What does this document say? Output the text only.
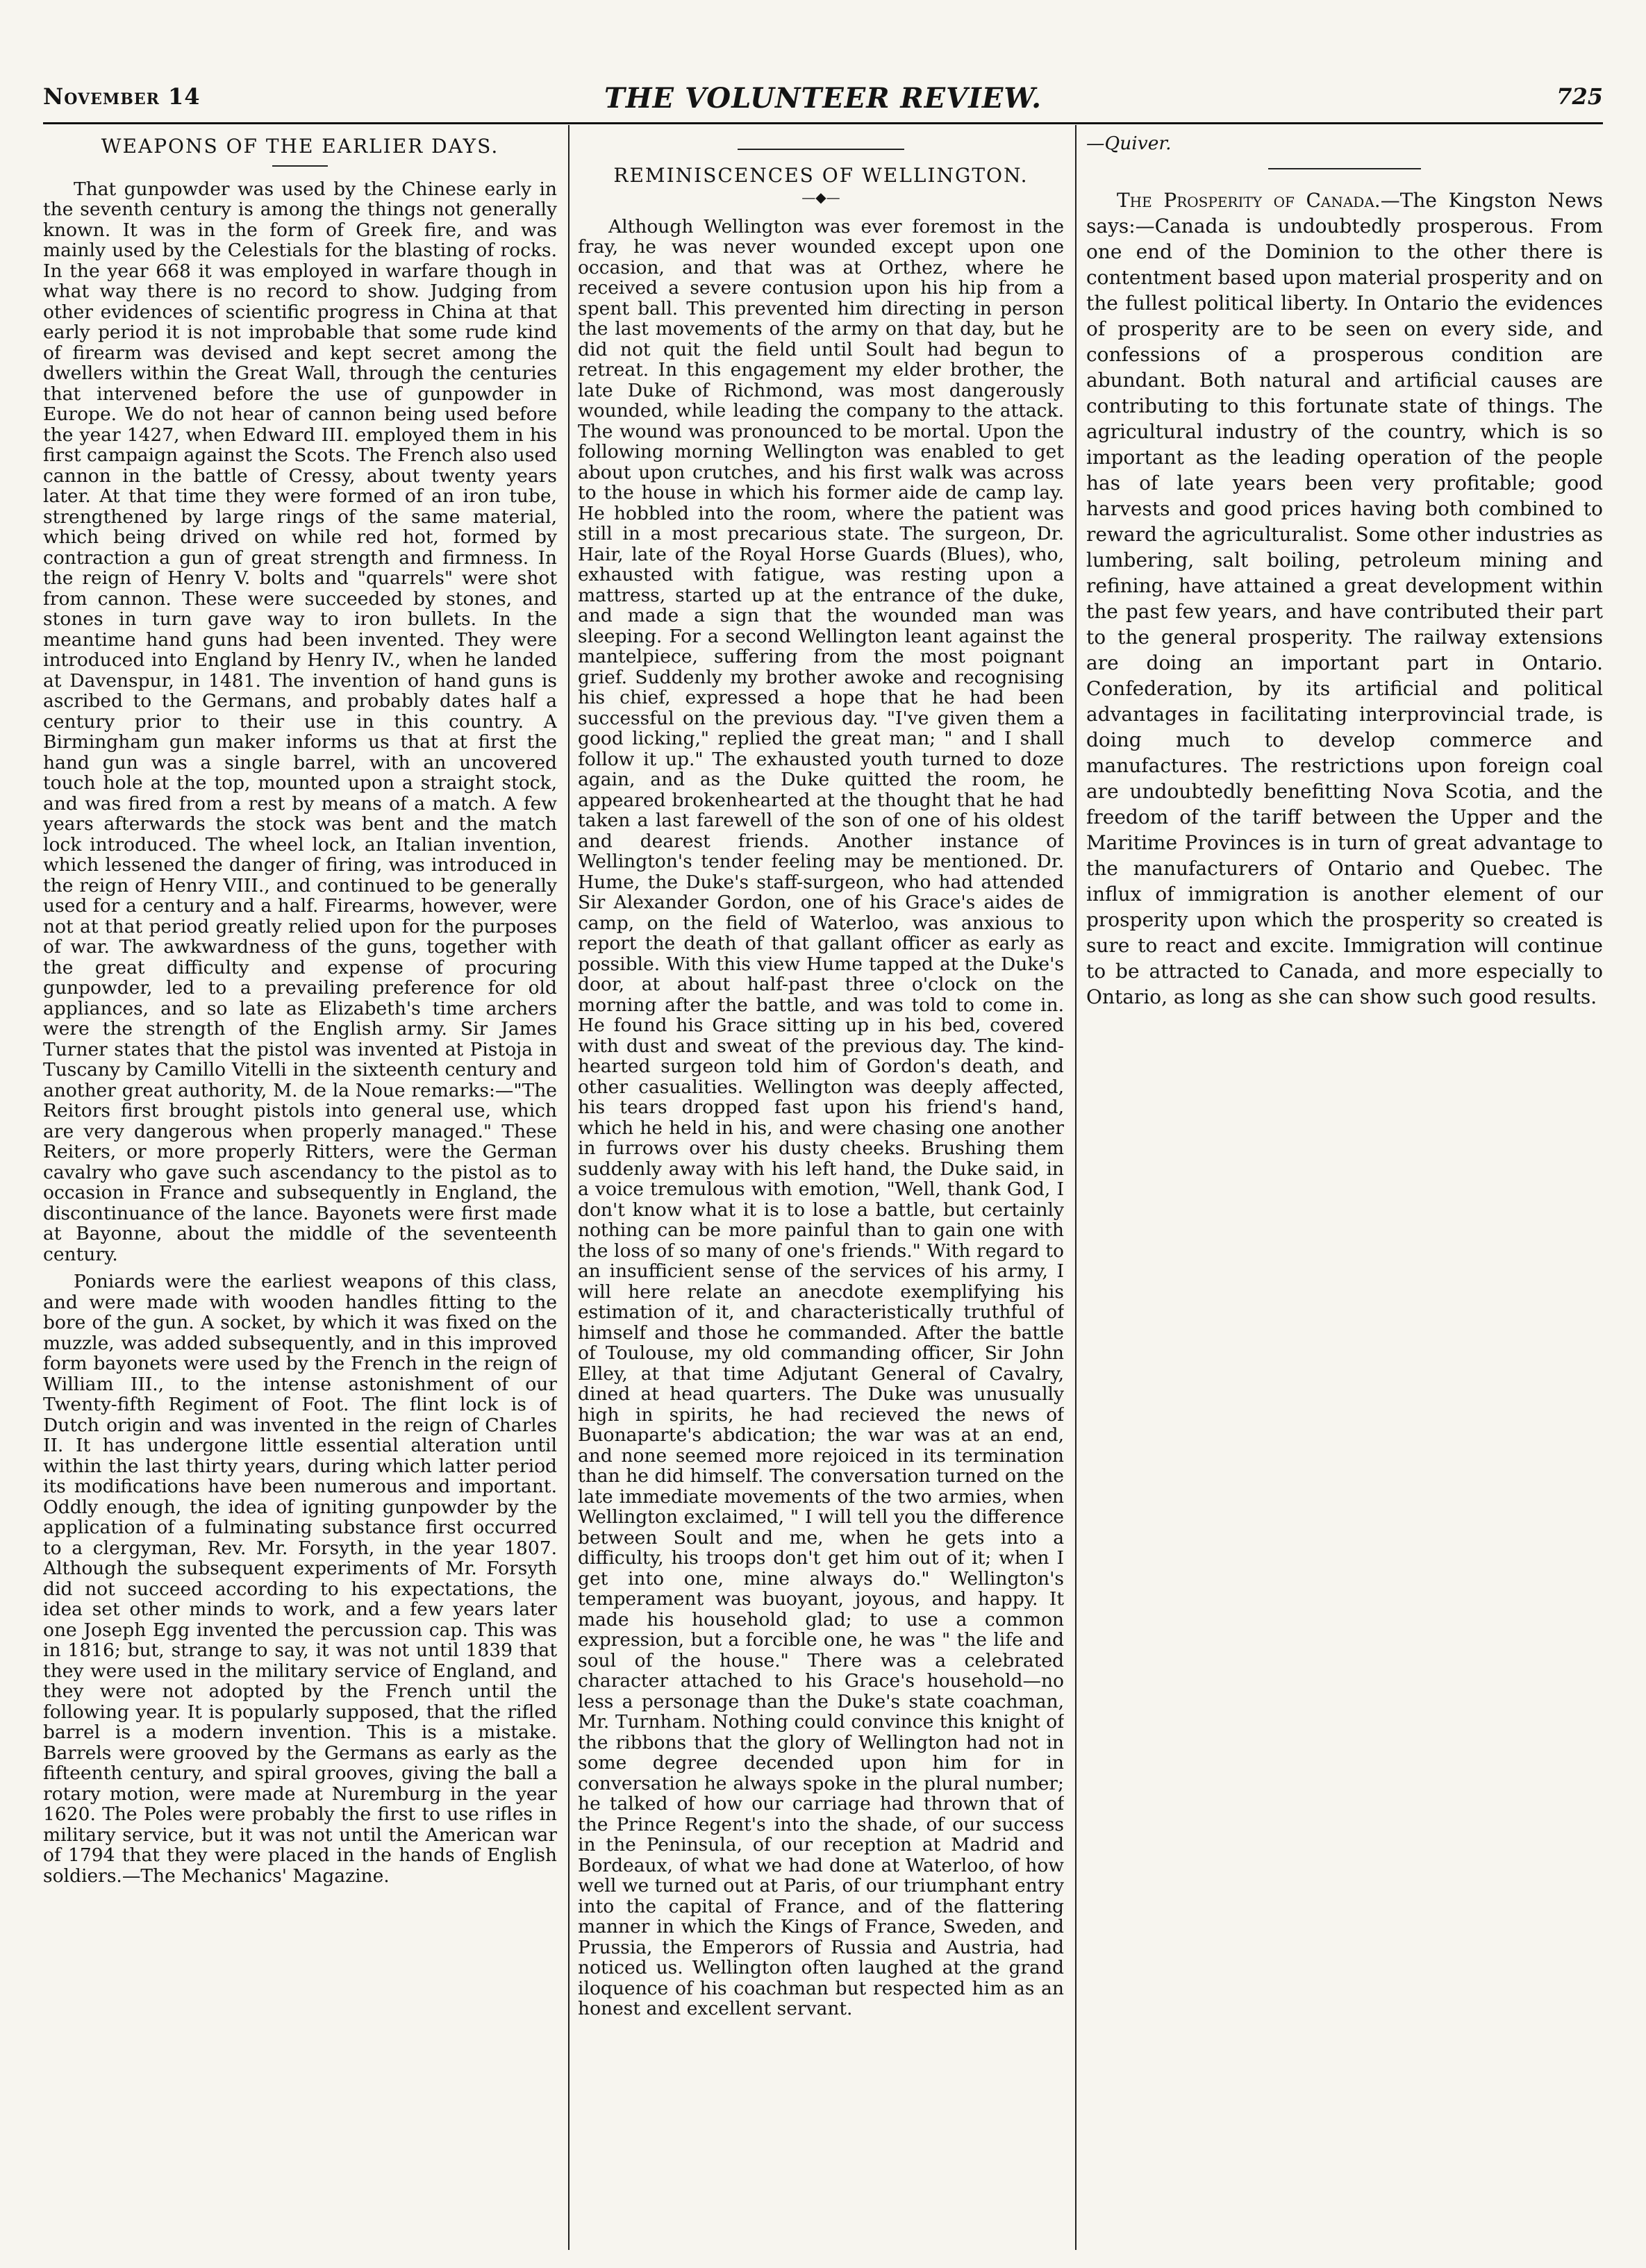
November 14	THE VOLUNTEER REVIEW.	725
WEAPONS OF THE EARLIER DAYS.

That gunpowder was used by the Chinese early in the seventh century is among the things not generally known. It was in the form of Greek fire, and was mainly used by the Celestials for the blasting of rocks. In the year 668 it was employed in warfare though in what way there is no record to show. Judging from other evidences of scientific progress in China at that early period it is not improbable that some rude kind of firearm was devised and kept secret among the dwellers within the Great Wall, through the centuries that intervened before the use of gunpowder in Europe. We do not hear of cannon being used before the year 1427, when Edward III. employed them in his first campaign against the Scots. The French also used cannon in the battle of Cressy, about twenty years later. At that time they were formed of an iron tube, strengthened by large rings of the same material, which being drived on while red hot, formed by contraction a gun of great strength and firmness. In the reign of Henry V. bolts and "quarrels" were shot from cannon. These were succeeded by stones, and stones in turn gave way to iron bullets. In the meantime hand guns had been invented. They were introduced into England by Henry IV., when he landed at Davenspur, in 1481. The invention of hand guns is ascribed to the Germans, and probably dates half a century prior to their use in this country. A Birmingham gun maker informs us that at first the hand gun was a single barrel, with an uncovered touch hole at the top, mounted upon a straight stock, and was fired from a rest by means of a match. A few years afterwards the stock was bent and the match lock introduced. The wheel lock, an Italian invention, which lessened the danger of firing, was introduced in the reign of Henry VIII., and continued to be generally used for a century and a half. Firearms, however, were not at that period greatly relied upon for the purposes of war. The awkwardness of the guns, together with the great difficulty and expense of procuring gunpowder, led to a prevailing preference for old appliances, and so late as Elizabeth's time archers were the strength of the English army. Sir James Turner states that the pistol was invented at Pistoja in Tuscany by Camillo Vitelli in the sixteenth century and another great authority, M. de la Noue remarks:—"The Reitors first brought pistols into general use, which are very dangerous when properly managed." These Reiters, or more properly Ritters, were the German cavalry who gave such ascendancy to the pistol as to occasion in France and subsequently in England, the discontinuance of the lance. Bayonets were first made at Bayonne, about the middle of the seventeenth century.

Poniards were the earliest weapons of this class, and were made with wooden handles fitting to the bore of the gun. A socket, by which it was fixed on the muzzle, was added subsequently, and in this improved form bayonets were used by the French in the reign of William III., to the intense astonishment of our Twenty-fifth Regiment of Foot. The flint lock is of Dutch origin and was invented in the reign of Charles II. It has undergone little essential alteration until within the last thirty years, during which latter period its modifications have been numerous and important. Oddly enough, the idea of igniting gunpowder by the application of a fulminating substance first occurred to a clergyman, Rev. Mr. Forsyth, in the year 1807. Although the subsequent experiments of Mr. Forsyth did not succeed according to his expectations, the idea set other minds to work, and a few years later one Joseph Egg invented the percussion cap. This was in 1816; but, strange to say, it was not until 1839 that they were used in the military service of England, and they were not adopted by the French until the following year. It is popularly supposed, that the rifled barrel is a modern invention. This is a mistake. Barrels were grooved by the Germans as early as the fifteenth century, and spiral grooves, giving the ball a rotary motion, were made at Nuremburg in the year 1620. The Poles were probably the first to use rifles in military service, but it was not until the American war of 1794 that they were placed in the hands of English soldiers.—The Mechanics' Magazine.

REMINISCENCES OF WELLINGTON.
—◆—

Although Wellington was ever foremost in the fray, he was never wounded except upon one occasion, and that was at Orthez, where he received a severe contusion upon his hip from a spent ball. This prevented him directing in person the last movements of the army on that day, but he did not quit the field until Soult had begun to retreat. In this engagement my elder brother, the late Duke of Richmond, was most dangerously wounded, while leading the company to the attack. The wound was pronounced to be mortal. Upon the following morning Wellington was enabled to get about upon crutches, and his first walk was across to the house in which his former aide de camp lay. He hobbled into the room, where the patient was still in a most precarious state. The surgeon, Dr. Hair, late of the Royal Horse Guards (Blues), who, exhausted with fatigue, was resting upon a mattress, started up at the entrance of the duke, and made a sign that the wounded man was sleeping. For a second Wellington leant against the mantelpiece, suffering from the most poignant grief. Suddenly my brother awoke and recognising his chief, expressed a hope that he had been successful on the previous day. "I've given them a good licking," replied the great man; " and I shall follow it up." The exhausted youth turned to doze again, and as the Duke quitted the room, he appeared brokenhearted at the thought that he had taken a last farewell of the son of one of his oldest and dearest friends. Another instance of Wellington's tender feeling may be mentioned. Dr. Hume, the Duke's staff-surgeon, who had attended Sir Alexander Gordon, one of his Grace's aides de camp, on the field of Waterloo, was anxious to report the death of that gallant officer as early as possible. With this view Hume tapped at the Duke's door, at about half-past three o'clock on the morning after the battle, and was told to come in. He found his Grace sitting up in his bed, covered with dust and sweat of the previous day. The kind-hearted surgeon told him of Gordon's death, and other casualities. Wellington was deeply affected, his tears dropped fast upon his friend's hand, which he held in his, and were chasing one another in furrows over his dusty cheeks. Brushing them suddenly away with his left hand, the Duke said, in a voice tremulous with emotion, "Well, thank God, I don't know what it is to lose a battle, but certainly nothing can be more painful than to gain one with the loss of so many of one's friends." With regard to an insufficient sense of the services of his army, I will here relate an anecdote exemplifying his estimation of it, and characteristically truthful of himself and those he commanded. After the battle of Toulouse, my old commanding officer, Sir John Elley, at that time Adjutant General of Cavalry, dined at head quarters. The Duke was unusually high in spirits, he had recieved the news of Buonaparte's abdication; the war was at an end, and none seemed more rejoiced in its termination than he did himself. The conversation turned on the late immediate movements of the two armies, when Wellington exclaimed, " I will tell you the difference between Soult and me, when he gets into a difficulty, his troops don't get him out of it; when I get into one, mine always do." Wellington's temperament was buoyant, joyous, and happy. It made his household glad; to use a common expression, but a forcible one, he was " the life and soul of the house." There was a celebrated character attached to his Grace's household—no less a personage than the Duke's state coachman, Mr. Turnham. Nothing could convince this knight of the ribbons that the glory of Wellington had not in some degree decended upon him for in conversation he always spoke in the plural number; he talked of how our carriage had thrown that of the Prince Regent's into the shade, of our success in the Peninsula, of our reception at Madrid and Bordeaux, of what we had done at Waterloo, of how well we turned out at Paris, of our triumphant entry into the capital of France, and of the flattering manner in which the Kings of France, Sweden, and Prussia, the Emperors of Russia and Austria, had noticed us. Wellington often laughed at the grand iloquence of his coachman but respected him as an honest and excellent servant.

—Quiver.

The Prosperity of Canada.—The Kingston News says:—Canada is undoubtedly prosperous. From one end of the Dominion to the other there is contentment based upon material prosperity and on the fullest political liberty. In Ontario the evidences of prosperity are to be seen on every side, and confessions of a prosperous condition are abundant. Both natural and artificial causes are contributing to this fortunate state of things. The agricultural industry of the country, which is so important as the leading operation of the people has of late years been very profitable; good harvests and good prices having both combined to reward the agriculturalist. Some other industries as lumbering, salt boiling, petroleum mining and refining, have attained a great development within the past few years, and have contributed their part to the general prosperity. The railway extensions are doing an important part in Ontario. Confederation, by its artificial and political advantages in facilitating interprovincial trade, is doing much to develop commerce and manufactures. The restrictions upon foreign coal are undoubtedly benefitting Nova Scotia, and the freedom of the tariff between the Upper and the Maritime Provinces is in turn of great advantage to the manufacturers of Ontario and Quebec. The influx of immigration is another element of our prosperity upon which the prosperity so created is sure to react and excite. Immigration will continue to be attracted to Canada, and more especially to Ontario, as long as she can show such good results.
